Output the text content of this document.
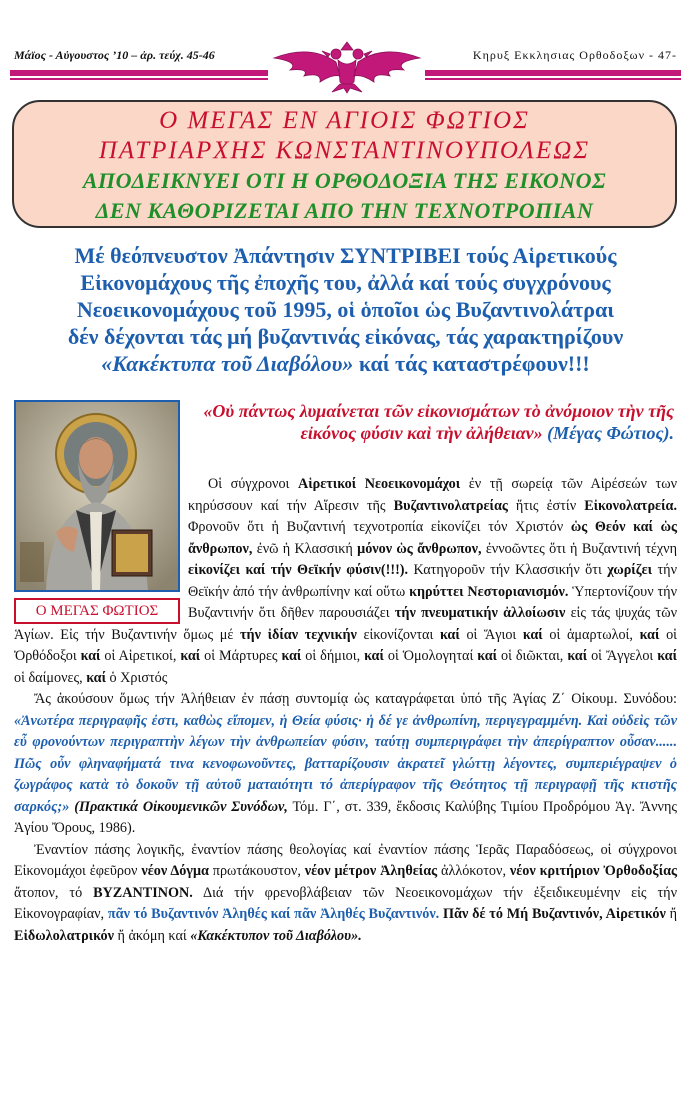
Μάϊος - Αὐγουστος ’10 – ἀρ. τεύχ. 45-46	Κηρυξ Εκκλησιας Ορθοδοξων - 47-
Ο ΜΕΓΑΣ ΕΝ ΑΓΙΟΙΣ ΦΩΤΙΟΣ
ΠΑΤΡΙΑΡΧΗΣ ΚΩΝΣΤΑΝΤΙΝΟΥΠΟΛΕΩΣ
ΑΠΟΔΕΙΚΝΥΕΙ ΟΤΙ Η ΟΡΘΟΔΟΞΙΑ ΤΗΣ ΕΙΚΟΝΟΣ
ΔΕΝ ΚΑΘΟΡΙΖΕΤΑΙ ΑΠΟ ΤΗΝ ΤΕΧΝΟΤΡΟΠΙΑΝ
Μέ θεόπνευστον Ἀπάντησιν ΣΥΝΤΡΙΒΕΙ τούς Αἱρετικούς
Εἰκονομάχους τῆς ἐποχῆς του, ἀλλά καί τούς συγχρόνους
Νεοεικονομάχους τοῦ 1995, οἱ ὁποῖοι ὡς Βυζαντινολάτραι
δέν δέχονται τάς μή βυζαντινάς εἰκόνας, τάς χαρακτηρίζουν
«Κακέκτυπα τοῦ Διαβόλου» καί τάς καταστρέφουν!!!
Ο ΜΕΓΑΣ ΦΩΤΙΟΣ
«Οὐ πάντως λυμαίνεται τῶν εἰκονισμάτων τὸ ἀνόμοιον τὴν τῆς εἰκόνος φύσιν καὶ τὴν ἀλήθειαν» (Μέγας Φώτιος).

Οἱ σύγχρονοι Αἱρετικοί Νεοεικονομάχοι ἐν τῇ σωρείᾳ τῶν Αἱρέσεών των κηρύσσουν καί τήν Αἵρεσιν τῆς Βυζαντινολατρείας ἥτις ἐστίν Εἰκονολατρεία. Φρονοῦν ὅτι ἡ Βυζαντινή τεχνοτροπία εἰκονίζει τόν Χριστόν ὡς Θεόν καί ὡς ἄνθρωπον, ἐνῶ ἡ Κλασσική μόνον ὡς ἄνθρωπον, ἐννοῶντες ὅτι ἡ Βυζαντινή τέχνη εἰκονίζει καί τήν Θεϊκήν φύσιν(!!!). Κατηγοροῦν τήν Κλασσικήν ὅτι χωρίζει τήν Θεϊκήν ἀπό τήν ἀνθρωπίνην καί οὕτω κηρύττει Νεστοριανισμόν. Ὑπερτονίζουν τήν Βυζαντινήν ὅτι δῆθεν παρουσιάζει τήν πνευματικήν ἀλλοίωσιν εἰς τάς ψυχάς τῶν Ἁγίων. Εἰς τήν Βυζαντινήν ὅμως μέ τήν ἰδίαν τεχνικήν εἰκονίζονται καί οἱ Ἅγιοι καί οἱ ἁμαρτωλοί, καί οἱ Ὀρθόδοξοι καί οἱ Αἱρετικοί, καί οἱ Μάρτυρες καί οἱ δήμιοι, καί οἱ Ὁμολογηταί καί οἱ διῶκται, καί οἱ Ἄγγελοι καί οἱ δαίμονες, καί ὁ Χριστός

Ἄς ἀκούσουν ὅμως τήν Ἀλήθειαν ἐν πάσῃ συντομίᾳ ὡς καταγράφεται ὑπό τῆς Ἁγίας Ζ΄ Οἰκουμ. Συνόδου: «Ἀνωτέρα περιγραφῆς ἐστι, καθὼς εἴπομεν, ἡ Θεία φύσις· ἡ δέ γε ἀνθρωπίνη, περιγεγραμμένη. Καὶ οὐδεὶς τῶν εὖ φρονούντων περιγραπτὴν λέγων τὴν ἀνθρωπείαν φύσιν, ταύτῃ συμπεριγράφει τὴν ἀπερίγραπτον οὖσαν...... Πῶς οὖν φληναφήματά τινα κενοφωνοῦντες, βατταρίζουσιν ἀκρατεῖ γλώττῃ λέγοντες, συμπεριέγραψεν ὁ ζωγράφος κατὰ τὸ δοκοῦν τῇ αὐτοῦ ματαιότητι τό ἀπερίγραφον τῆς Θεότητος τῇ περιγραφῇ τῆς κτιστῆς σαρκός;» (Πρακτικά Οἰκουμενικῶν Συνόδων, Τόμ. Γ΄, στ. 339, ἔκδοσις Καλύβης Τιμίου Προδρόμου Ἁγ. Ἄννης Ἁγίου Ὄρους, 1986).

Ἐναντίον πάσης λογικῆς, ἐναντίον πάσης θεολογίας καί ἐναντίον πάσης Ἱερᾶς Παραδόσεως, οἱ σύγχρονοι Εἰκονομάχοι ἐφεῦρον νέον Δόγμα πρωτάκουστον, νέον μέτρον Ἀληθείας ἀλλόκοτον, νέον κριτήριον Ὀρθοδοξίας ἄτοπον, τό ΒΥΖΑΝΤΙΝΟΝ. Διά τήν φρενοβλάβειαν τῶν Νεοεικονομάχων τήν ἐξειδικευμένην εἰς τήν Εἰκονογραφίαν, πᾶν τό Βυζαντινόν Ἀληθές καί πᾶν Ἀληθές Βυζαντινόν. Πᾶν δέ τό Μή Βυζαντινόν, Αἱρετικόν ἤ Εἰδωλολατρικόν ἤ ἀκόμη καί «Κακέκτυπον τοῦ Διαβόλου».
